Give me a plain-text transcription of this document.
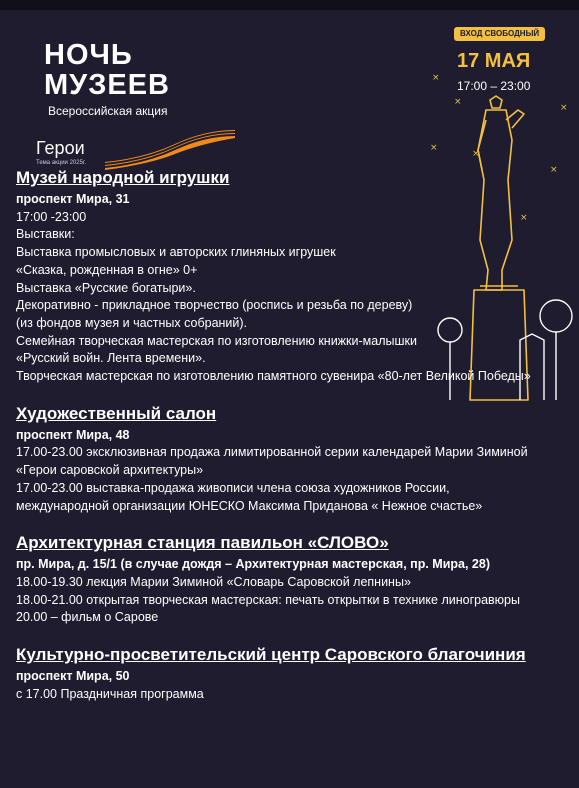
НОЧЬ
МУЗЕЕВ
Всероссийская акция
Герои
Тема акции 2025г.
ВХОД СВОБОДНЫЙ
17 МАЯ
17:00 – 23:00
×
×
×
×
×
×
×
Музей народной игрушки
проспект Мира, 31
17:00 -23:00
Выставки:
Выставка промысловых и авторских глиняных игрушек
«Сказка, рожденная в огне» 0+
Выставка «Русские богатыри».
Декоративно - прикладное творчество (роспись и резьба по дереву)
(из фондов музея и частных собраний).
Семейная творческая мастерская по изготовлению книжки-малышки
«Русский войн. Лента времени».
Творческая мастерская по изготовлению памятного сувенира «80-лет Великой Победы»
Художественный салон
проспект Мира, 48
17.00-23.00 эксклюзивная продажа лимитированной серии календарей Марии Зиминой «Герои саровской архитектуры»
17.00-23.00 выставка-продажа живописи члена союза художников России, международной организации ЮНЕСКО Максима Приданова « Нежное счастье»
Архитектурная станция павильон «СЛОВО»
пр. Мира, д. 15/1 (в случае дождя – Архитектурная мастерская, пр. Мира, 28)
18.00-19.30 лекция Марии Зиминой «Словарь Саровской лепнины»
18.00-21.00 открытая творческая мастерская: печать открытки в технике линогравюры
20.00 – фильм о Сарове
Культурно-просветительский центр Саровского благочиния
проспект Мира, 50
с 17.00 Праздничная программа
